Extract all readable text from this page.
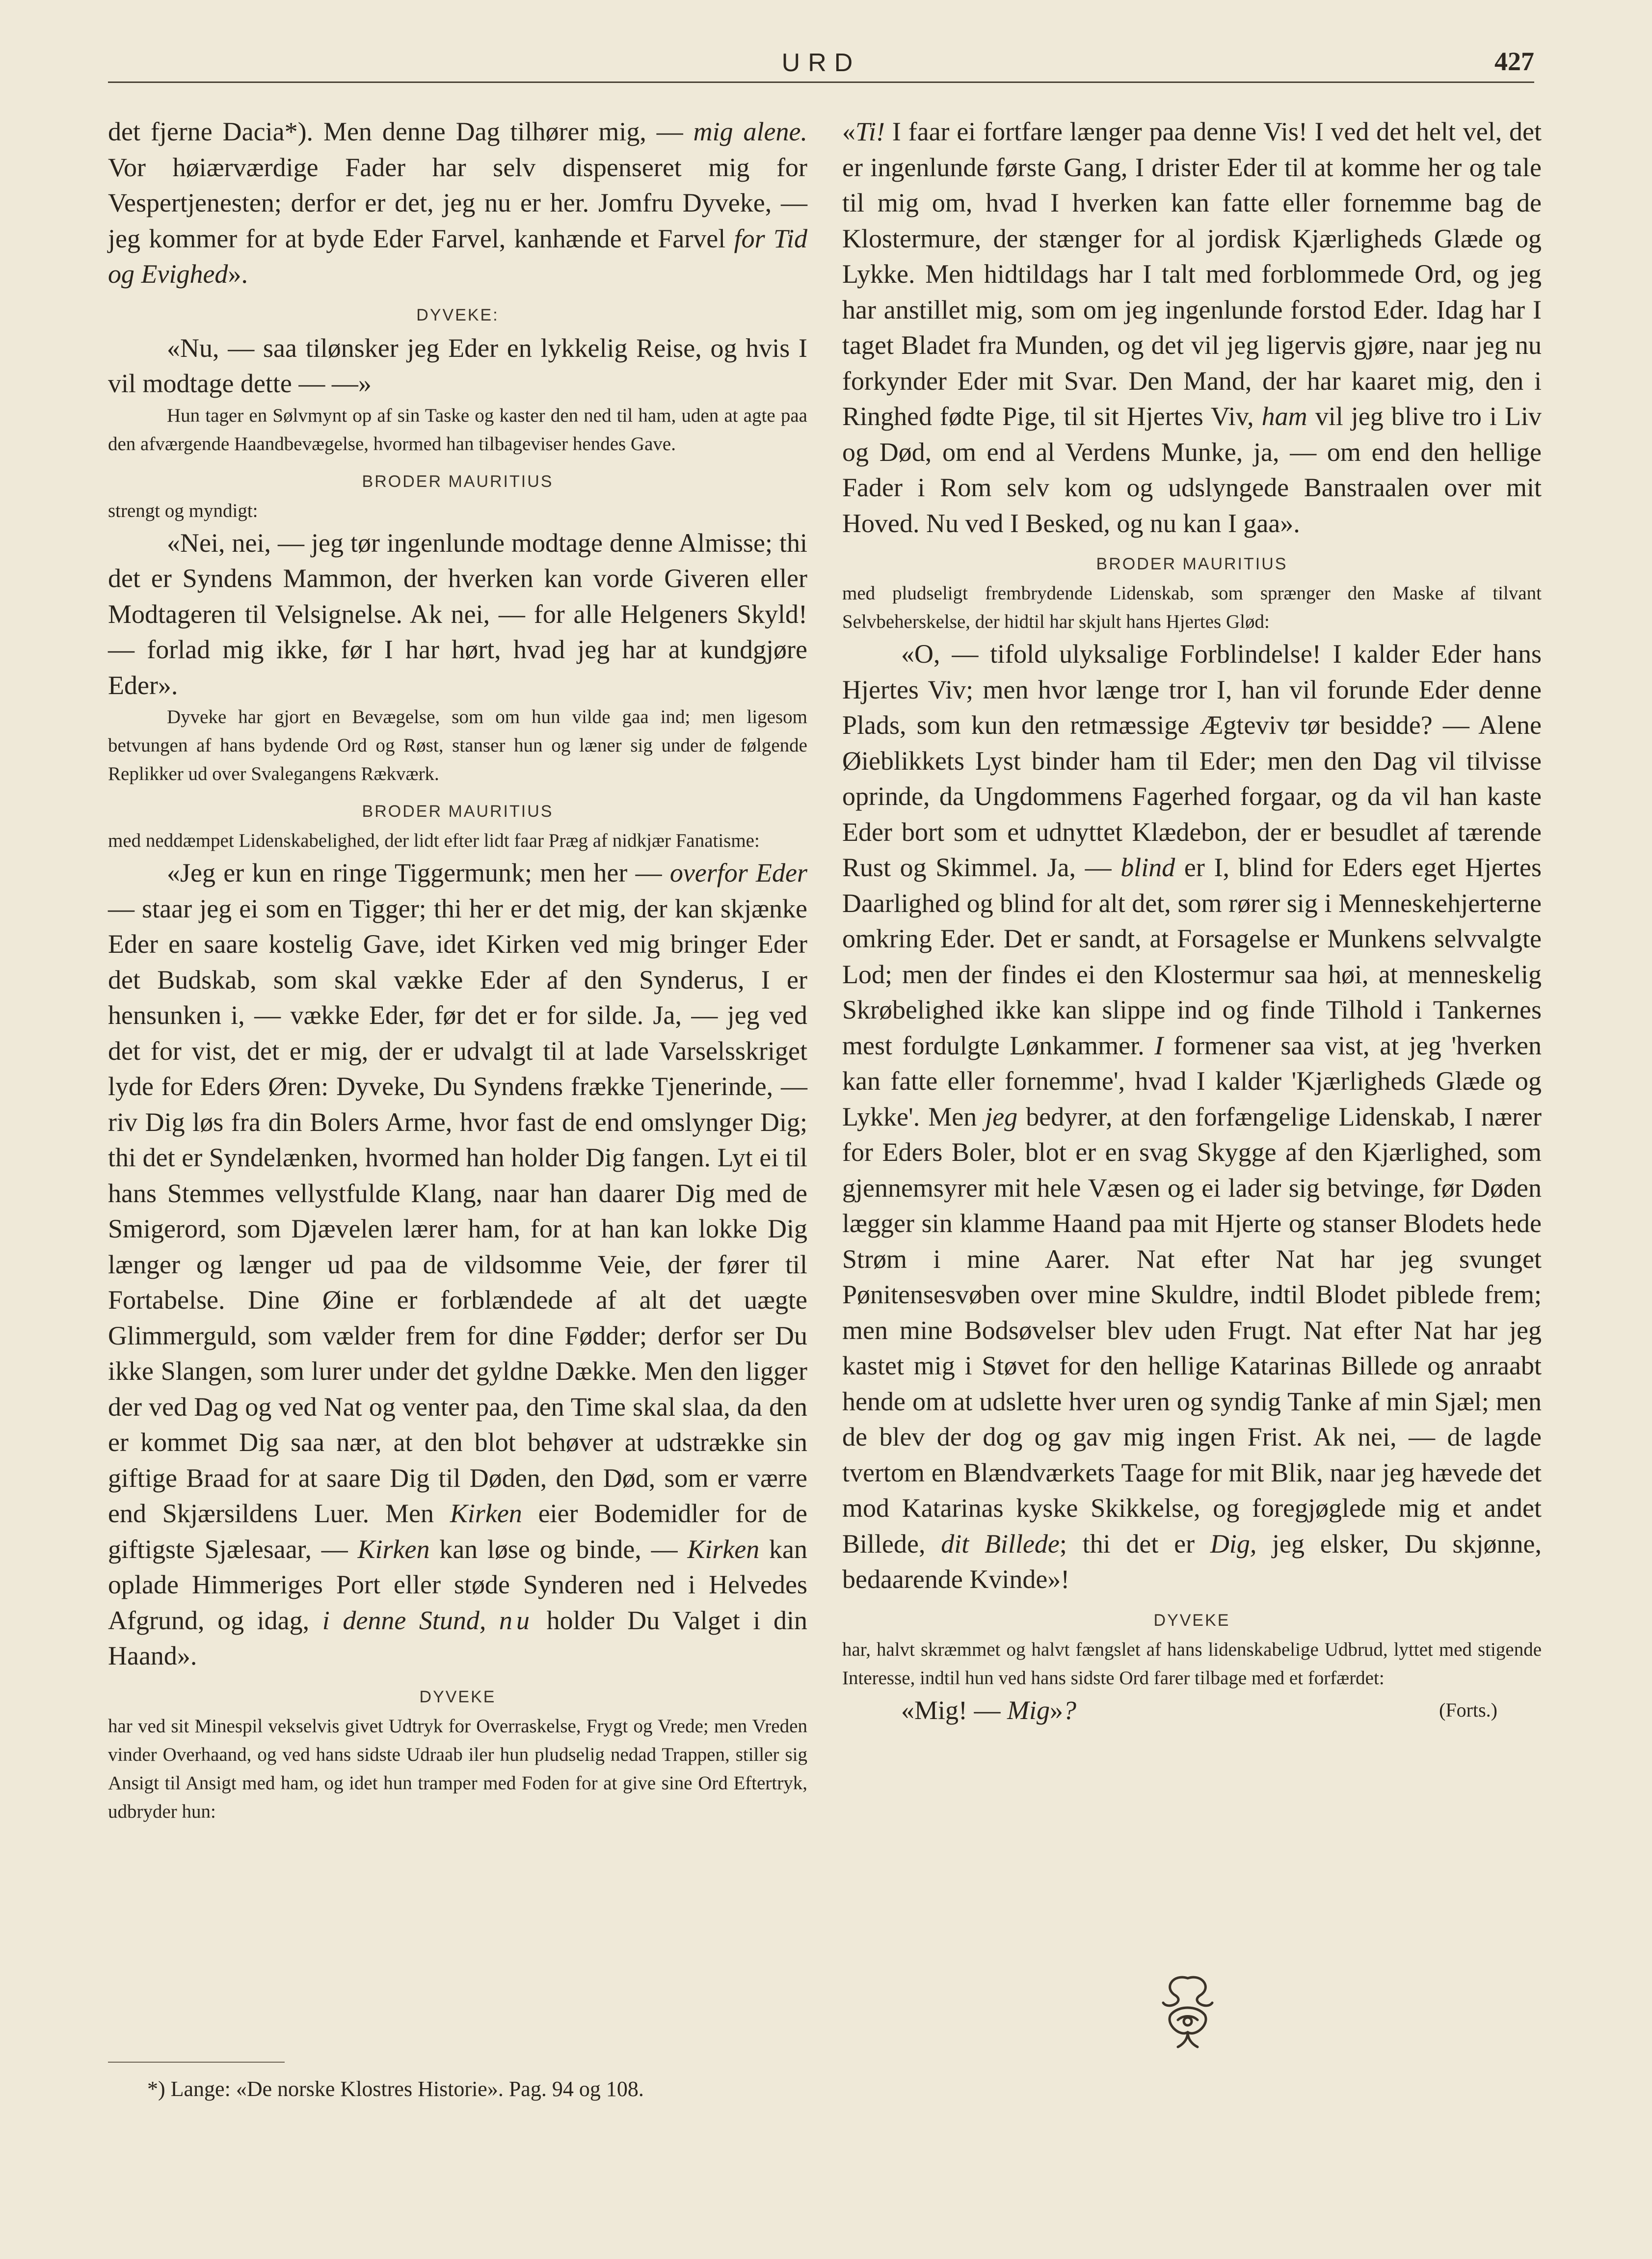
URD	427

det fjerne Dacia*). Men denne Dag tilhører mig, — mig alene. Vor høiærværdige Fader har selv dispenseret mig for Vespertjenesten; derfor er det, jeg nu er her. Jomfru Dyveke, — jeg kommer for at byde Eder Farvel, kanhænde et Farvel for Tid og Evighed».

DYVEKE:

«Nu, — saa tilønsker jeg Eder en lykkelig Reise, og hvis I vil modtage dette — —»

Hun tager en Sølvmynt op af sin Taske og kaster den ned til ham, uden at agte paa den afværgende Haandbevægelse, hvormed han tilbageviser hendes Gave.

BRODER MAURITIUS

strengt og myndigt:

«Nei, nei, — jeg tør ingenlunde modtage denne Almisse; thi det er Syndens Mammon, der hverken kan vorde Giveren eller Modtageren til Velsignelse. Ak nei, — for alle Helgeners Skyld! — forlad mig ikke, før I har hørt, hvad jeg har at kundgjøre Eder».

Dyveke har gjort en Bevægelse, som om hun vilde gaa ind; men ligesom betvungen af hans bydende Ord og Røst, stanser hun og læner sig under de følgende Replikker ud over Svalegangens Rækværk.

BRODER MAURITIUS

med neddæmpet Lidenskabelighed, der lidt efter lidt faar Præg af nidkjær Fanatisme:

«Jeg er kun en ringe Tiggermunk; men her — overfor Eder — staar jeg ei som en Tigger; thi her er det mig, der kan skjænke Eder en saare kostelig Gave, idet Kirken ved mig bringer Eder det Budskab, som skal vække Eder af den Synderus, I er hensunken i, — vække Eder, før det er for silde. Ja, — jeg ved det for vist, det er mig, der er udvalgt til at lade Varselsskriget lyde for Eders Øren: Dyveke, Du Syndens frække Tjenerinde, — riv Dig løs fra din Bolers Arme, hvor fast de end omslynger Dig; thi det er Syndelænken, hvormed han holder Dig fangen. Lyt ei til hans Stemmes vellystfulde Klang, naar han daarer Dig med de Smigerord, som Djævelen lærer ham, for at han kan lokke Dig længer og længer ud paa de vildsomme Veie, der fører til Fortabelse. Dine Øine er forblændede af alt det uægte Glimmerguld, som vælder frem for dine Fødder; derfor ser Du ikke Slangen, som lurer under det gyldne Dække. Men den ligger der ved Dag og ved Nat og venter paa, den Time skal slaa, da den er kommet Dig saa nær, at den blot behøver at udstrække sin giftige Braad for at saare Dig til Døden, den Død, som er værre end Skjærsildens Luer. Men Kirken eier Bodemidler for de giftigste Sjælesaar, — Kirken kan løse og binde, — Kirken kan oplade Himmeriges Port eller støde Synderen ned i Helvedes Afgrund, og idag, i denne Stund, nu holder Du Valget i din Haand».

DYVEKE

har ved sit Minespil vekselvis givet Udtryk for Overraskelse, Frygt og Vrede; men Vreden vinder Overhaand, og ved hans sidste Udraab iler hun pludselig nedad Trappen, stiller sig Ansigt til Ansigt med ham, og idet hun tramper med Foden for at give sine Ord Eftertryk, udbryder hun:

«Ti! I faar ei fortfare længer paa denne Vis! I ved det helt vel, det er ingenlunde første Gang, I drister Eder til at komme her og tale til mig om, hvad I hverken kan fatte eller fornemme bag de Klostermure, der stænger for al jordisk Kjærligheds Glæde og Lykke. Men hidtildags har I talt med forblommede Ord, og jeg har anstillet mig, som om jeg ingenlunde forstod Eder. Idag har I taget Bladet fra Munden, og det vil jeg ligervis gjøre, naar jeg nu forkynder Eder mit Svar. Den Mand, der har kaaret mig, den i Ringhed fødte Pige, til sit Hjertes Viv, ham vil jeg blive tro i Liv og Død, om end al Verdens Munke, ja, — om end den hellige Fader i Rom selv kom og udslyngede Banstraalen over mit Hoved. Nu ved I Besked, og nu kan I gaa».

BRODER MAURITIUS

med pludseligt frembrydende Lidenskab, som sprænger den Maske af tilvant Selvbeherskelse, der hidtil har skjult hans Hjertes Glød:

«O, — tifold ulyksalige Forblindelse! I kalder Eder hans Hjertes Viv; men hvor længe tror I, han vil forunde Eder denne Plads, som kun den retmæssige Ægteviv tør besidde? — Alene Øieblikkets Lyst binder ham til Eder; men den Dag vil tilvisse oprinde, da Ungdommens Fagerhed forgaar, og da vil han kaste Eder bort som et udnyttet Klædebon, der er besudlet af tærende Rust og Skimmel. Ja, — blind er I, blind for Eders eget Hjertes Daarlighed og blind for alt det, som rører sig i Menneskehjerterne omkring Eder. Det er sandt, at Forsagelse er Munkens selvvalgte Lod; men der findes ei den Klostermur saa høi, at menneskelig Skrøbelighed ikke kan slippe ind og finde Tilhold i Tankernes mest fordulgte Lønkammer. I formener saa vist, at jeg 'hverken kan fatte eller fornemme', hvad I kalder 'Kjærligheds Glæde og Lykke'. Men jeg bedyrer, at den forfængelige Lidenskab, I nærer for Eders Boler, blot er en svag Skygge af den Kjærlighed, som gjennemsyrer mit hele Væsen og ei lader sig betvinge, før Døden lægger sin klamme Haand paa mit Hjerte og stanser Blodets hede Strøm i mine Aarer. Nat efter Nat har jeg svunget Pønitensesvøben over mine Skuldre, indtil Blodet piblede frem; men mine Bodsøvelser blev uden Frugt. Nat efter Nat har jeg kastet mig i Støvet for den hellige Katarinas Billede og anraabt hende om at udslette hver uren og syndig Tanke af min Sjæl; men de blev der dog og gav mig ingen Frist. Ak nei, — de lagde tvertom en Blændværkets Taage for mit Blik, naar jeg hævede det mod Katarinas kyske Skikkelse, og foregjøglede mig et andet Billede, dit Billede; thi det er Dig, jeg elsker, Du skjønne, bedaarende Kvinde»!

DYVEKE

har, halvt skræmmet og halvt fængslet af hans lidenskabelige Udbrud, lyttet med stigende Interesse, indtil hun ved hans sidste Ord farer tilbage med et forfærdet:

«Mig! — Mig»?	(Forts.)

*) Lange: «De norske Klostres Historie». Pag. 94 og 108.
